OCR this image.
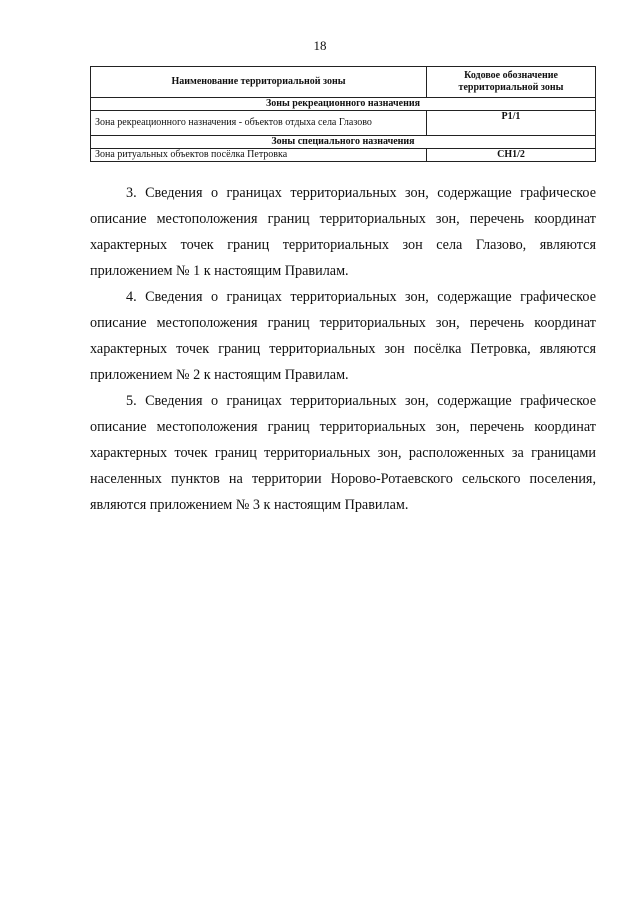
18
Наименование территориальной зоны	Кодовое обозначение территориальной зоны
Зоны рекреационного назначения	
Зона рекреационного назначения - объектов отдыха села Глазово	Р1/1
Зоны специального назначения	
Зона ритуальных объектов посёлка Петровка	СН1/2

3. Сведения о границах территориальных зон, содержащие графическое описание местоположения границ территориальных зон, перечень координат характерных точек границ территориальных зон села Глазово, являются приложением № 1 к настоящим Правилам.

4. Сведения о границах территориальных зон, содержащие графическое описание местоположения границ территориальных зон, перечень координат характерных точек границ территориальных зон посёлка Петровка, являются приложением № 2 к настоящим Правилам.

5. Сведения о границах территориальных зон, содержащие графическое описание местоположения границ территориальных зон, перечень координат характерных точек границ территориальных зон, расположенных за границами населенных пунктов на территории Норово-Ротаевского сельского поселения, являются приложением № 3 к настоящим Правилам.
